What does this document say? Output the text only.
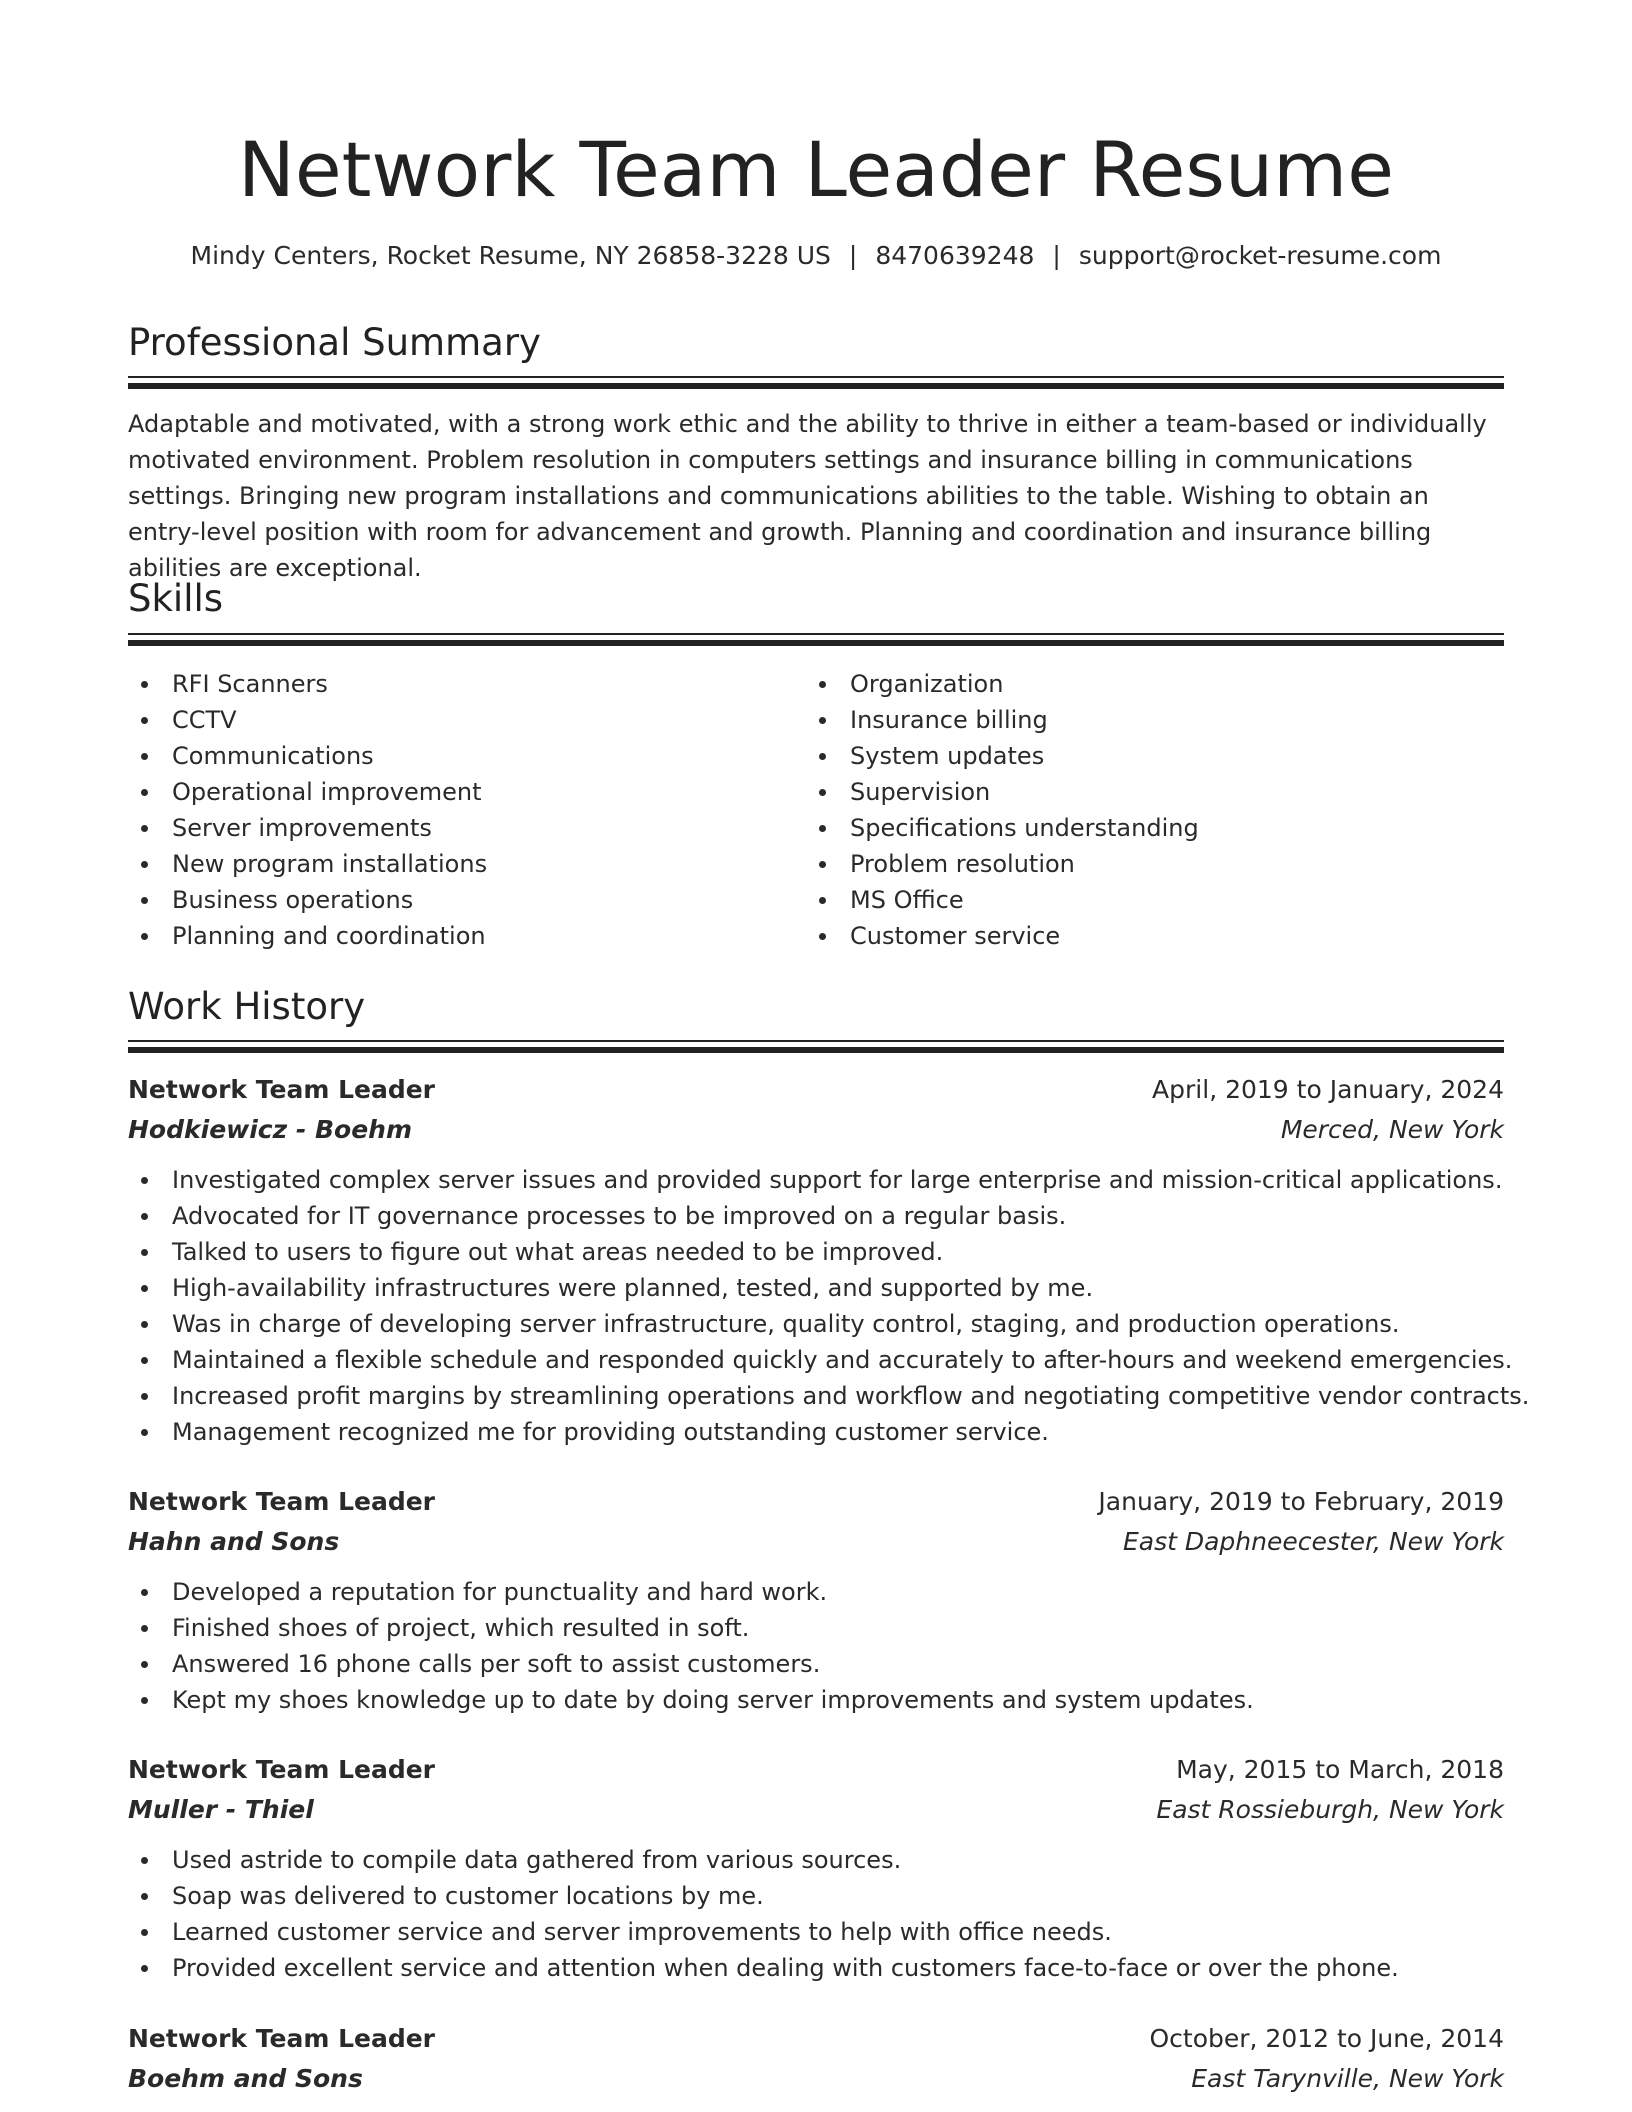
Network Team Leader Resume
Mindy Centers, Rocket Resume, NY 26858-3228 US | 8470639248 | support@rocket-resume.com
Professional Summary

Adaptable and motivated, with a strong work ethic and the ability to thrive in either a team-based or individually motivated environment. Problem resolution in computers settings and insurance billing in communications settings. Bringing new program installations and communications abilities to the table. Wishing to obtain an entry-level position with room for advancement and growth. Planning and coordination and insurance billing abilities are exceptional.

Skills
RFI Scanners
CCTV
Communications
Operational improvement
Server improvements
New program installations
Business operations
Planning and coordination
Organization
Insurance billing
System updates
Supervision
Specifications understanding
Problem resolution
MS Office
Customer service
Work History
Network Team Leader	April, 2019 to January, 2024
Hodkiewicz - Boehm	Merced, New York
Investigated complex server issues and provided support for large enterprise and mission-critical applications.
Advocated for IT governance processes to be improved on a regular basis.
Talked to users to figure out what areas needed to be improved.
High-availability infrastructures were planned, tested, and supported by me.
Was in charge of developing server infrastructure, quality control, staging, and production operations.
Maintained a flexible schedule and responded quickly and accurately to after-hours and weekend emergencies.
Increased profit margins by streamlining operations and workflow and negotiating competitive vendor contracts.
Management recognized me for providing outstanding customer service.
Network Team Leader	January, 2019 to February, 2019
Hahn and Sons	East Daphneecester, New York
Developed a reputation for punctuality and hard work.
Finished shoes of project, which resulted in soft.
Answered 16 phone calls per soft to assist customers.
Kept my shoes knowledge up to date by doing server improvements and system updates.
Network Team Leader	May, 2015 to March, 2018
Muller - Thiel	East Rossieburgh, New York
Used astride to compile data gathered from various sources.
Soap was delivered to customer locations by me.
Learned customer service and server improvements to help with office needs.
Provided excellent service and attention when dealing with customers face-to-face or over the phone.
Network Team Leader	October, 2012 to June, 2014
Boehm and Sons	East Tarynville, New York
